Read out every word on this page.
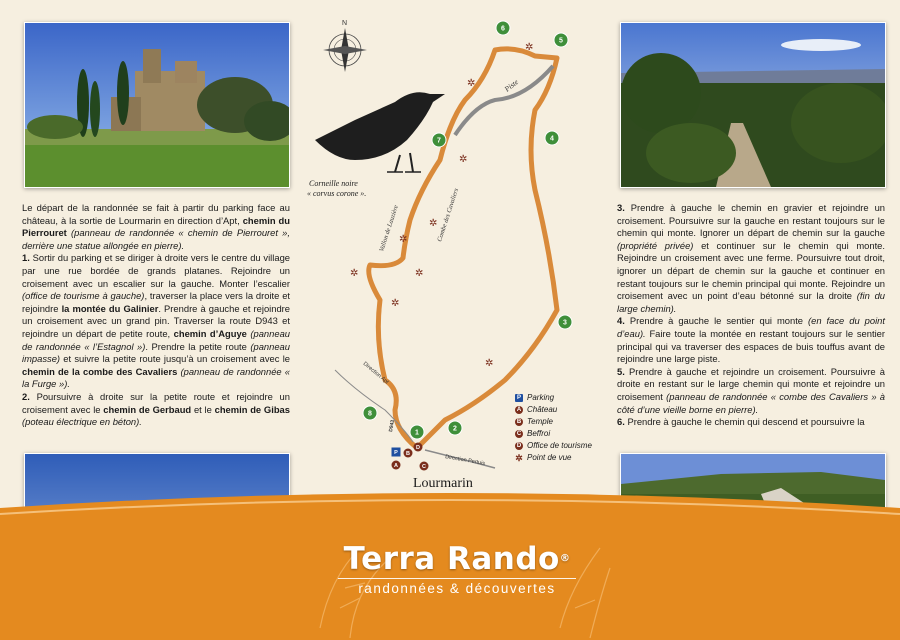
Le départ de la randonnée se fait à partir du parking face au château, à la sortie de Lourmarin en direction d’Apt, chemin du Pierrouret (panneau de randonnée « chemin de Pierrouret », derrière une statue allongée en pierre).

1. Sortir du parking et se diriger à droite vers le centre du village par une rue bordée de grands platanes. Rejoindre un croisement avec un escalier sur la gauche. Monter l’escalier (office de tourisme à gauche), traverser la place vers la droite et rejoindre la montée du Galinier. Prendre à gauche et rejoindre un croisement avec un grand pin. Traverser la route D943 et rejoindre un départ de petite route, chemin d’Aguye (panneau de randonnée « l’Estagnol »). Prendre la petite route (panneau impasse) et suivre la petite route jusqu’à un croisement avec le chemin de la combe des Cavaliers (panneau de randonnée « la Furge »).

2. Poursuivre à droite sur la petite route et rejoindre un croisement avec le chemin de Gerbaud et le chemin de Gibas (poteau électrique en béton).

3. Prendre à gauche le chemin en gravier et rejoindre un croisement. Poursuivre sur la gauche en restant toujours sur le chemin qui monte. Ignorer un départ de chemin sur la gauche (propriété privée) et continuer sur le chemin qui monte. Rejoindre un croisement avec une ferme. Poursuivre tout droit, ignorer un départ de chemin sur la gauche et continuer en restant toujours sur le chemin principal qui monte. Rejoindre un croisement avec un point d’eau bétonné sur la droite (fin du large chemin).

4. Prendre à gauche le sentier qui monte (en face du point d’eau). Faire toute la montée en restant toujours sur le sentier principal qui va traverser des espaces de buis touffus avant de rejoindre une large piste.

5. Prendre à gauche et rejoindre un croisement. Poursuivre à droite en restant sur le large chemin qui monte et rejoindre un croisement (panneau de randonnée « combe des Cavaliers » à côté d’une vieille borne en pierre).

6. Prendre à gauche le chemin qui descend et poursuivre la

N
✲
✲
✲
✲
✲
✲	✲
✲
✲
Vallon de Lauzière	Combe des Cavaliers
Piste
Direction Apt
Direction Pertuis
D943
Corneille noire
« corvus corone ».
Lourmarin
1
2
3
4
5
6
7
8
A
B
C
D
P
P Parking
A Château
B Temple
C Beffroi
D Office de tourisme
✲ Point de vue
Terra Rando®
randonnées & découvertes
